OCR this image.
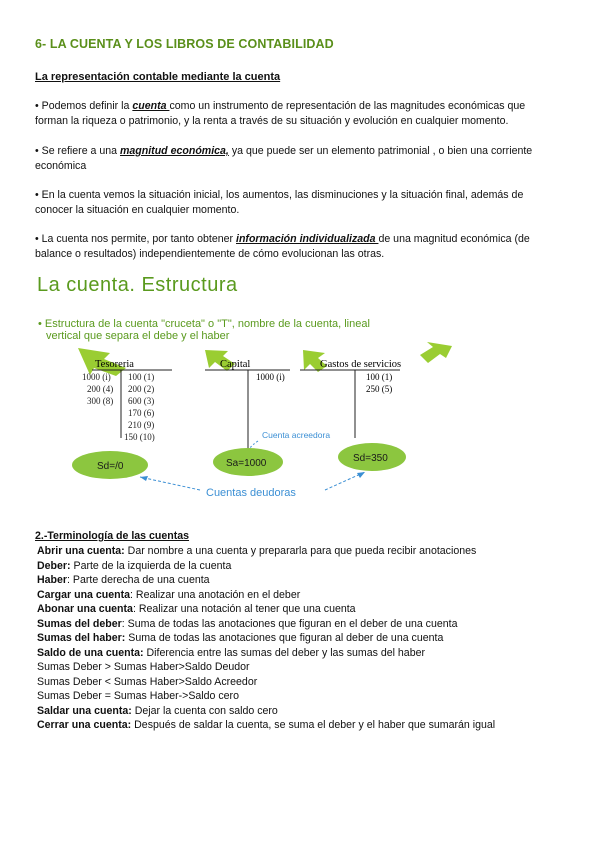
6- LA CUENTA Y LOS LIBROS DE CONTABILIDAD
La representación contable mediante la cuenta
• Podemos definir la cuenta como un instrumento de representación de las magnitudes económicas que forman la riqueza o patrimonio, y la renta a través de su situación y evolución en cualquier momento.
• Se refiere a una magnitud económica, ya que puede ser un elemento patrimonial , o bien una corriente económica
• En la cuenta vemos la situación inicial, los aumentos, las disminuciones y la situación final, además de conocer la situación en cualquier momento.
• La cuenta nos permite, por tanto obtener información individualizada de una magnitud económica (de balance o resultados) independientemente de cómo evolucionan las otras.
La cuenta. Estructura
• Estructura de la cuenta "cruceta" o "T", nombre de la cuenta, lineal
vertical que separa el debe y el haber
Tesoreria
1000 (i)
200 (4)
300 (8)
100 (1)
200 (2)
600 (3)
170 (6)
210 (9)
150 (10)
Capital
1000 (i)
Gastos de servicios
100 (1)
250 (5)
Sd=/0	Sa=1000	Sd=350
Cuenta acreedora
Cuentas deudoras
2.-Terminología de las cuentas
Abrir una cuenta: Dar nombre a una cuenta y prepararla para que pueda recibir anotaciones
Deber: Parte de la izquierda de la cuenta
Haber: Parte derecha de una cuenta
Cargar una cuenta: Realizar una anotación en el deber
Abonar una cuenta: Realizar una notación al tener que una cuenta
Sumas del deber: Suma de todas las anotaciones que figuran en el deber de una cuenta
Sumas del haber: Suma de todas las anotaciones que figuran al deber de una cuenta
Saldo de una cuenta: Diferencia entre las sumas del deber y las sumas del haber
Sumas Deber > Sumas Haber>Saldo Deudor
Sumas Deber < Sumas Haber>Saldo Acreedor
Sumas Deber = Sumas Haber->Saldo cero
Saldar una cuenta: Dejar la cuenta con saldo cero
Cerrar una cuenta: Después de saldar la cuenta, se suma el deber y el haber que sumarán igual
